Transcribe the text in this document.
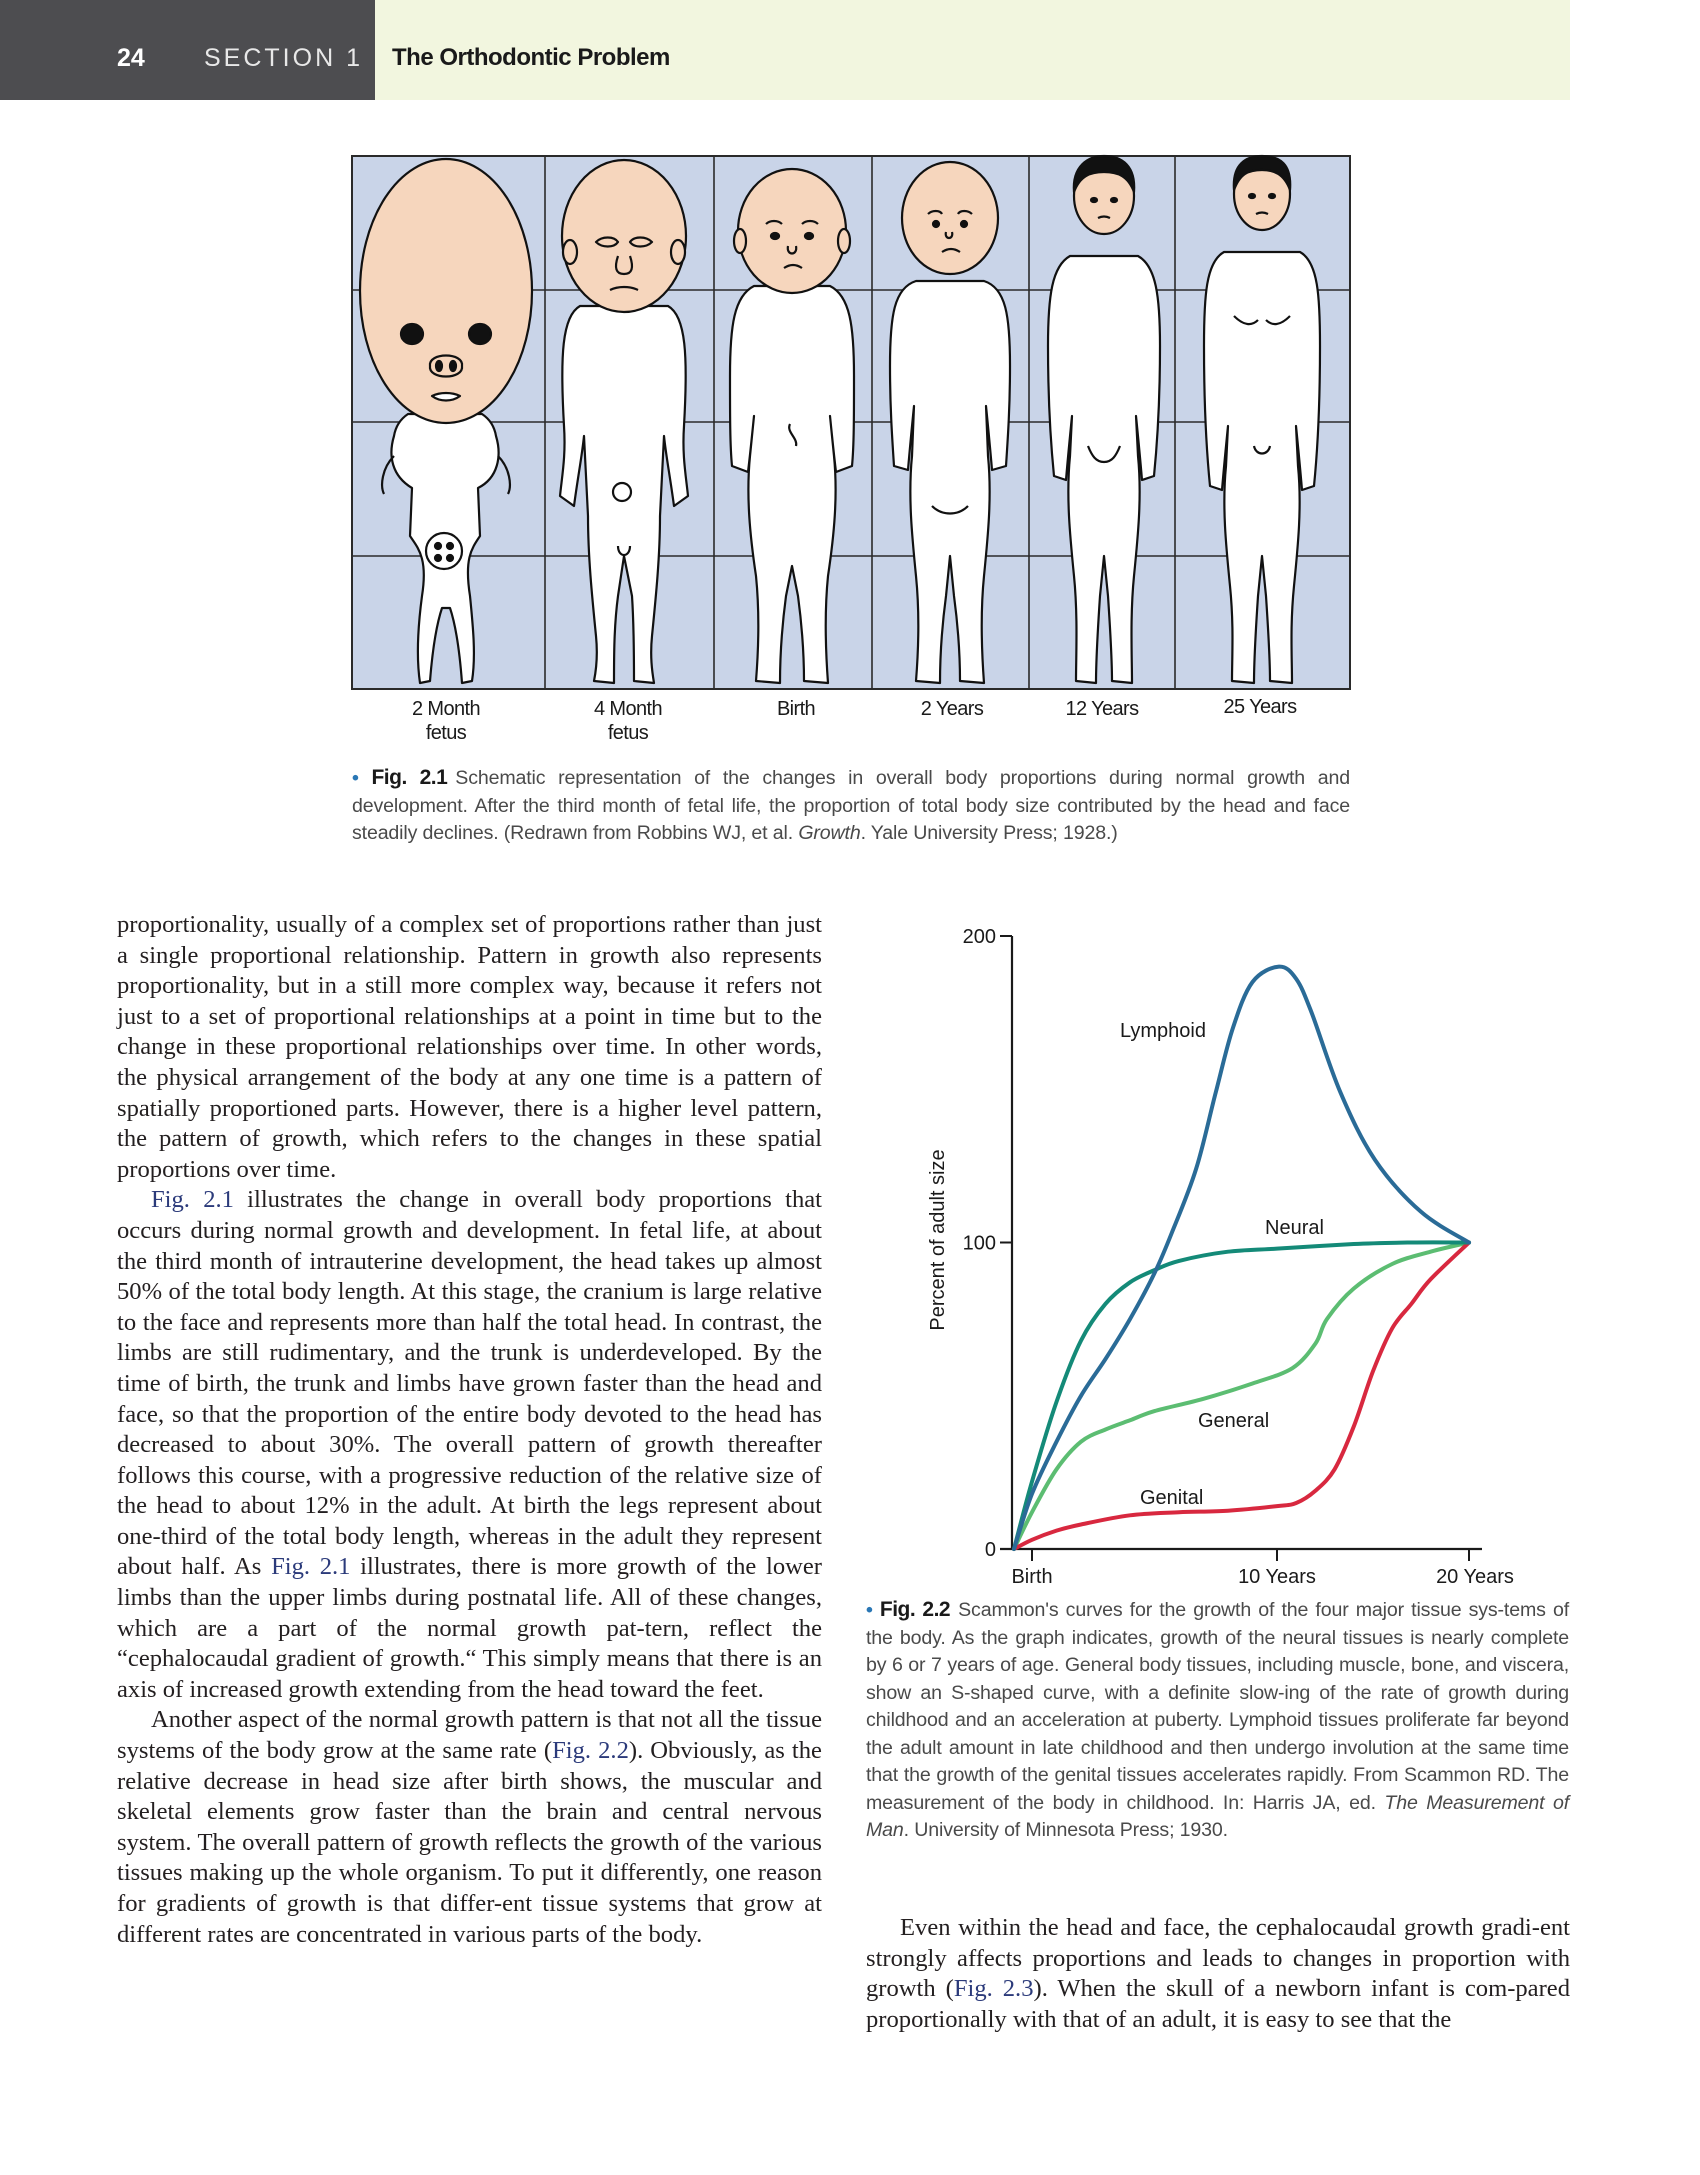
24 SECTION 1 The Orthodontic Problem
2 Month
fetus
4 Month
fetus
Birth	2 Years	12 Years	25 Years
• Fig. 2.1 Schematic representation of the changes in overall body proportions during normal growth and development. After the third month of fetal life, the proportion of total body size contributed by the head and face steadily declines. (Redrawn from Robbins WJ, et al. Growth. Yale University Press; 1928.)

proportionality, usually of a complex set of proportions rather than just a single proportional relationship. Pattern in growth also represents proportionality, but in a still more complex way, because it refers not just to a set of proportional relationships at a point in time but to the change in these proportional relationships over time. In other words, the physical arrangement of the body at any one time is a pattern of spatially proportioned parts. However, there is a higher level pattern, the pattern of growth, which refers to the changes in these spatial proportions over time.

Fig. 2.1 illustrates the change in overall body proportions that occurs during normal growth and development. In fetal life, at about the third month of intrauterine development, the head takes up almost 50% of the total body length. At this stage, the cranium is large relative to the face and represents more than half the total head. In contrast, the limbs are still rudimentary, and the trunk is underdeveloped. By the time of birth, the trunk and limbs have grown faster than the head and face, so that the proportion of the entire body devoted to the head has decreased to about 30%. The overall pattern of growth thereafter follows this course, with a progressive reduction of the relative size of the head to about 12% in the adult. At birth the legs represent about one-third of the total body length, whereas in the adult they represent about half. As Fig. 2.1 illustrates, there is more growth of the lower limbs than the upper limbs during postnatal life. All of these changes, which are a part of the normal growth pat-tern, reflect the “cephalocaudal gradient of growth.“ This simply means that there is an axis of increased growth extending from the head toward the feet.

Another aspect of the normal growth pattern is that not all the tissue systems of the body grow at the same rate (Fig. 2.2). Obviously, as the relative decrease in head size after birth shows, the muscular and skeletal elements grow faster than the brain and central nervous system. The overall pattern of growth reflects the growth of the various tissues making up the whole organism. To put it differently, one reason for gradients of growth is that differ-ent tissue systems that grow at different rates are concentrated in various parts of the body.

0
100
200
Birth	10 Years	20 Years
Percent of adult size
Lymphoid
Neural
General
Genital
• Fig. 2.2 Scammon's curves for the growth of the four major tissue sys-tems of the body. As the graph indicates, growth of the neural tissues is nearly complete by 6 or 7 years of age. General body tissues, including muscle, bone, and viscera, show an S-shaped curve, with a definite slow-ing of the rate of growth during childhood and an acceleration at puberty. Lymphoid tissues proliferate far beyond the adult amount in late childhood and then undergo involution at the same time that the growth of the genital tissues accelerates rapidly. From Scammon RD. The measurement of the body in childhood. In: Harris JA, ed. The Measurement of Man. University of Minnesota Press; 1930.

Even within the head and face, the cephalocaudal growth gradi-ent strongly affects proportions and leads to changes in proportion with growth (Fig. 2.3). When the skull of a newborn infant is com-pared proportionally with that of an adult, it is easy to see that the
